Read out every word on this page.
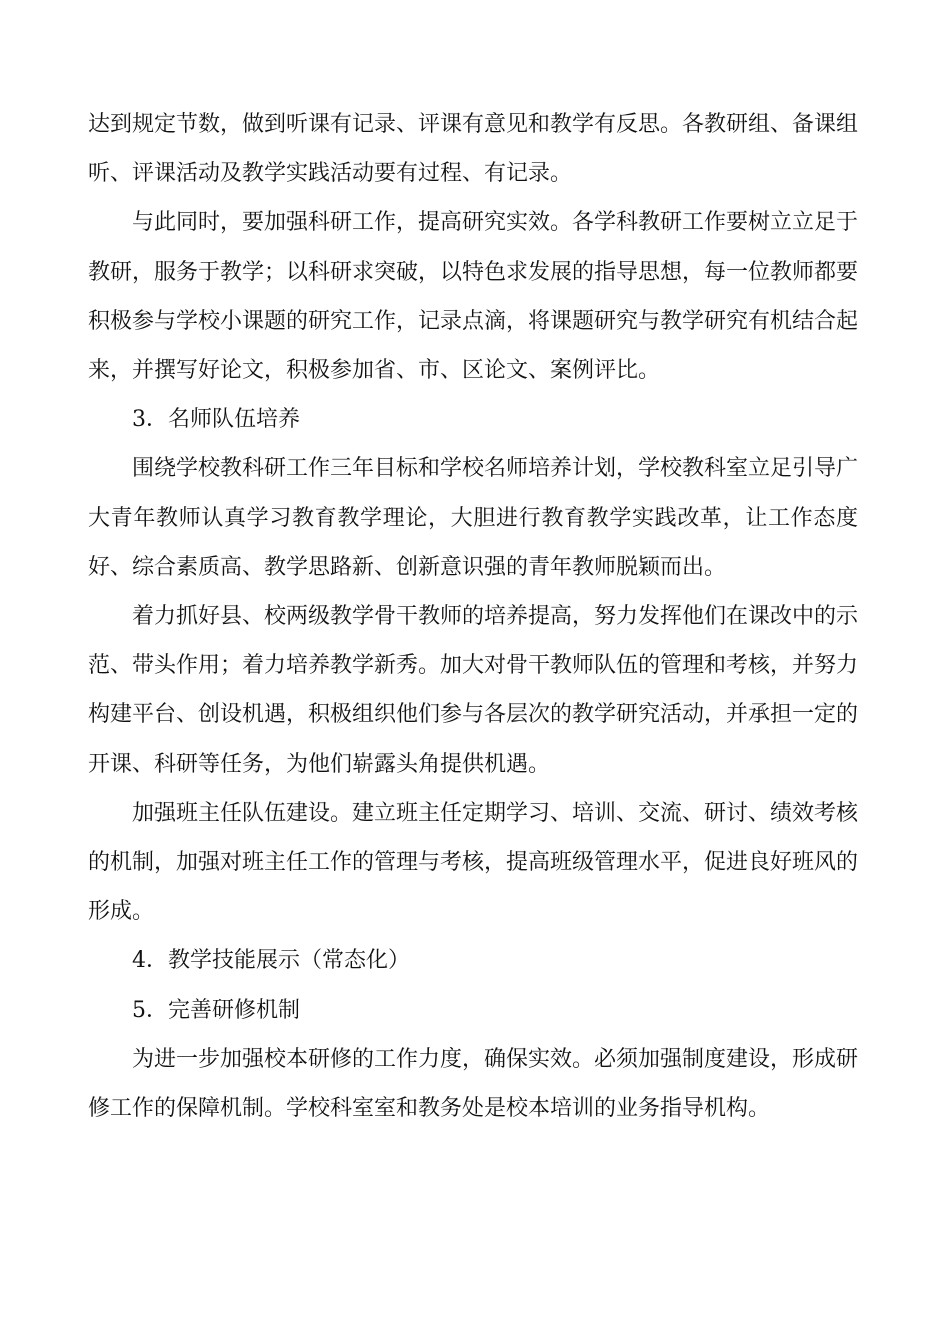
达到规定节数，做到听课有记录、评课有意见和教学有反思。各教研组、备课组听、评课活动及教学实践活动要有过程、有记录。

与此同时，要加强科研工作，提高研究实效。各学科教研工作要树立立足于教研，服务于教学；以科研求突破，以特色求发展的指导思想，每一位教师都要积极参与学校小课题的研究工作，记录点滴，将课题研究与教学研究有机结合起来，并撰写好论文，积极参加省、市、区论文、案例评比。

3．名师队伍培养

围绕学校教科研工作三年目标和学校名师培养计划，学校教科室立足引导广大青年教师认真学习教育教学理论，大胆进行教育教学实践改革，让工作态度好、综合素质高、教学思路新、创新意识强的青年教师脱颖而出。

着力抓好县、校两级教学骨干教师的培养提高，努力发挥他们在课改中的示范、带头作用；着力培养教学新秀。加大对骨干教师队伍的管理和考核，并努力构建平台、创设机遇，积极组织他们参与各层次的教学研究活动，并承担一定的开课、科研等任务，为他们崭露头角提供机遇。

加强班主任队伍建设。建立班主任定期学习、培训、交流、研讨、绩效考核的机制，加强对班主任工作的管理与考核，提高班级管理水平，促进良好班风的形成。

4．教学技能展示（常态化）

5．完善研修机制

为进一步加强校本研修的工作力度，确保实效。必须加强制度建设，形成研修工作的保障机制。学校科室室和教务处是校本培训的业务指导机构。
